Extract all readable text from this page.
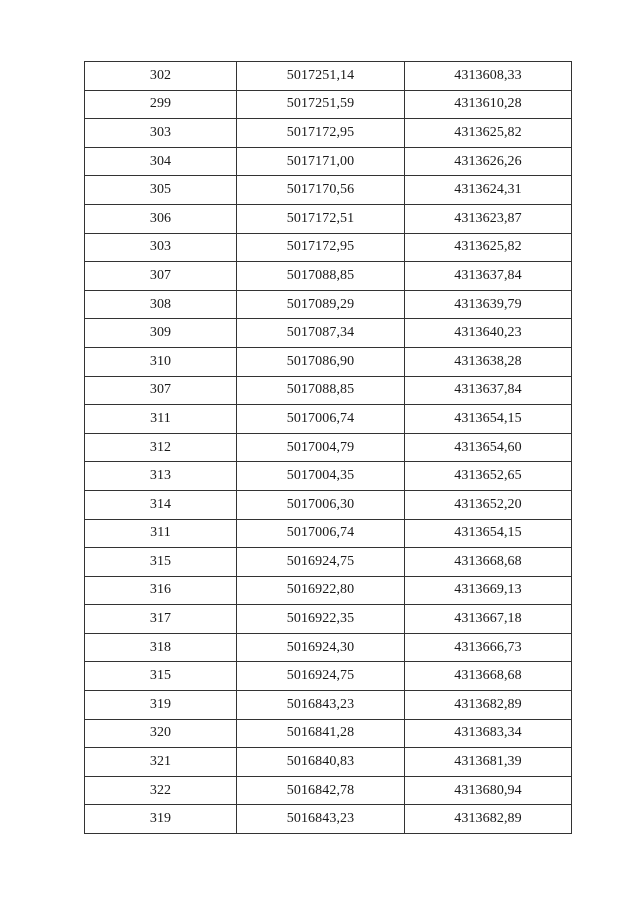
302	5017251,14	4313608,33
299	5017251,59	4313610,28
303	5017172,95	4313625,82
304	5017171,00	4313626,26
305	5017170,56	4313624,31
306	5017172,51	4313623,87
303	5017172,95	4313625,82
307	5017088,85	4313637,84
308	5017089,29	4313639,79
309	5017087,34	4313640,23
310	5017086,90	4313638,28
307	5017088,85	4313637,84
311	5017006,74	4313654,15
312	5017004,79	4313654,60
313	5017004,35	4313652,65
314	5017006,30	4313652,20
311	5017006,74	4313654,15
315	5016924,75	4313668,68
316	5016922,80	4313669,13
317	5016922,35	4313667,18
318	5016924,30	4313666,73
315	5016924,75	4313668,68
319	5016843,23	4313682,89
320	5016841,28	4313683,34
321	5016840,83	4313681,39
322	5016842,78	4313680,94
319	5016843,23	4313682,89
